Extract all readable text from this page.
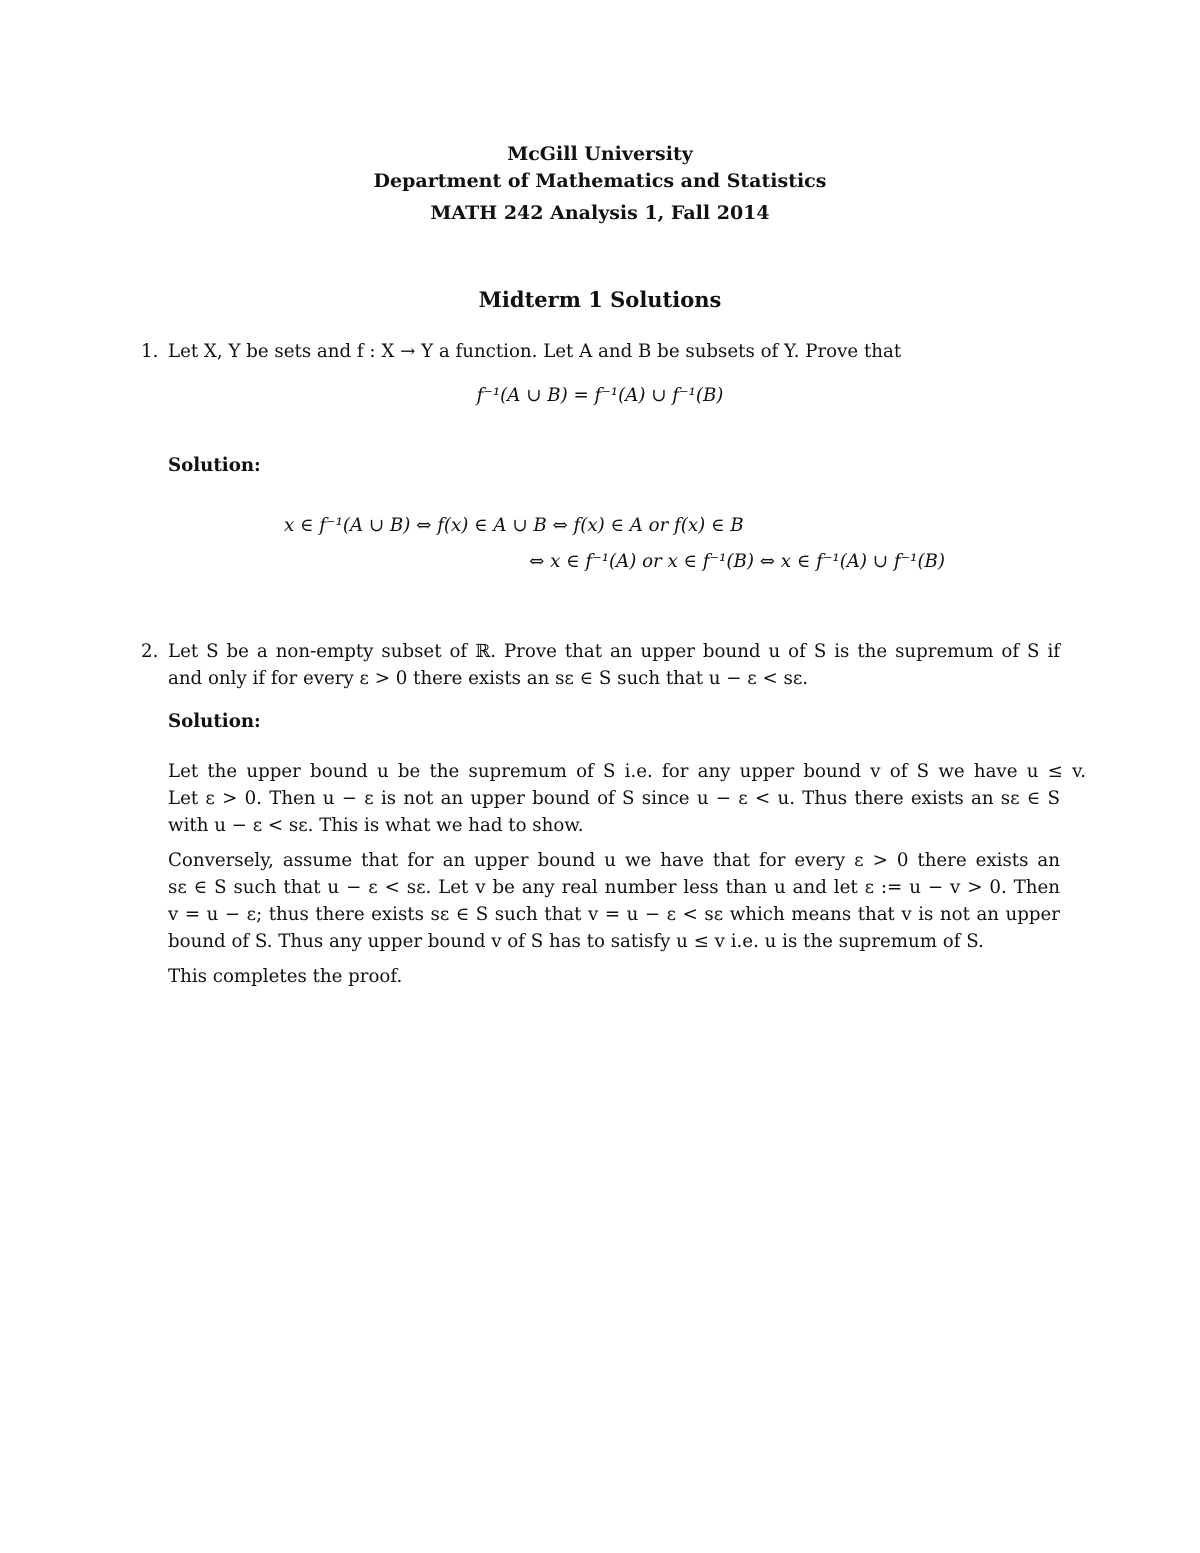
McGill University
Department of Mathematics and Statistics
MATH 242 Analysis 1, Fall 2014
Midterm 1 Solutions
1. Let X, Y be sets and f : X → Y a function. Let A and B be subsets of Y. Prove that
f⁻¹(A ∪ B) = f⁻¹(A) ∪ f⁻¹(B)
Solution:
x ∈ f⁻¹(A ∪ B) ⇔ f(x) ∈ A ∪ B ⇔ f(x) ∈ A or f(x) ∈ B
⇔ x ∈ f⁻¹(A) or x ∈ f⁻¹(B) ⇔ x ∈ f⁻¹(A) ∪ f⁻¹(B)
2. Let S be a non-empty subset of ℝ. Prove that an upper bound u of S is the supremum of S if
and only if for every ε > 0 there exists an sε ∈ S such that u − ε < sε.
Solution:
Let the upper bound u be the supremum of S i.e. for any upper bound v of S we have u ≤ v.
Let ε > 0. Then u − ε is not an upper bound of S since u − ε < u. Thus there exists an sε ∈ S
with u − ε < sε. This is what we had to show.
Conversely, assume that for an upper bound u we have that for every ε > 0 there exists an
sε ∈ S such that u − ε < sε. Let v be any real number less than u and let ε := u − v > 0. Then
v = u − ε; thus there exists sε ∈ S such that v = u − ε < sε which means that v is not an upper
bound of S. Thus any upper bound v of S has to satisfy u ≤ v i.e. u is the supremum of S.
This completes the proof.
